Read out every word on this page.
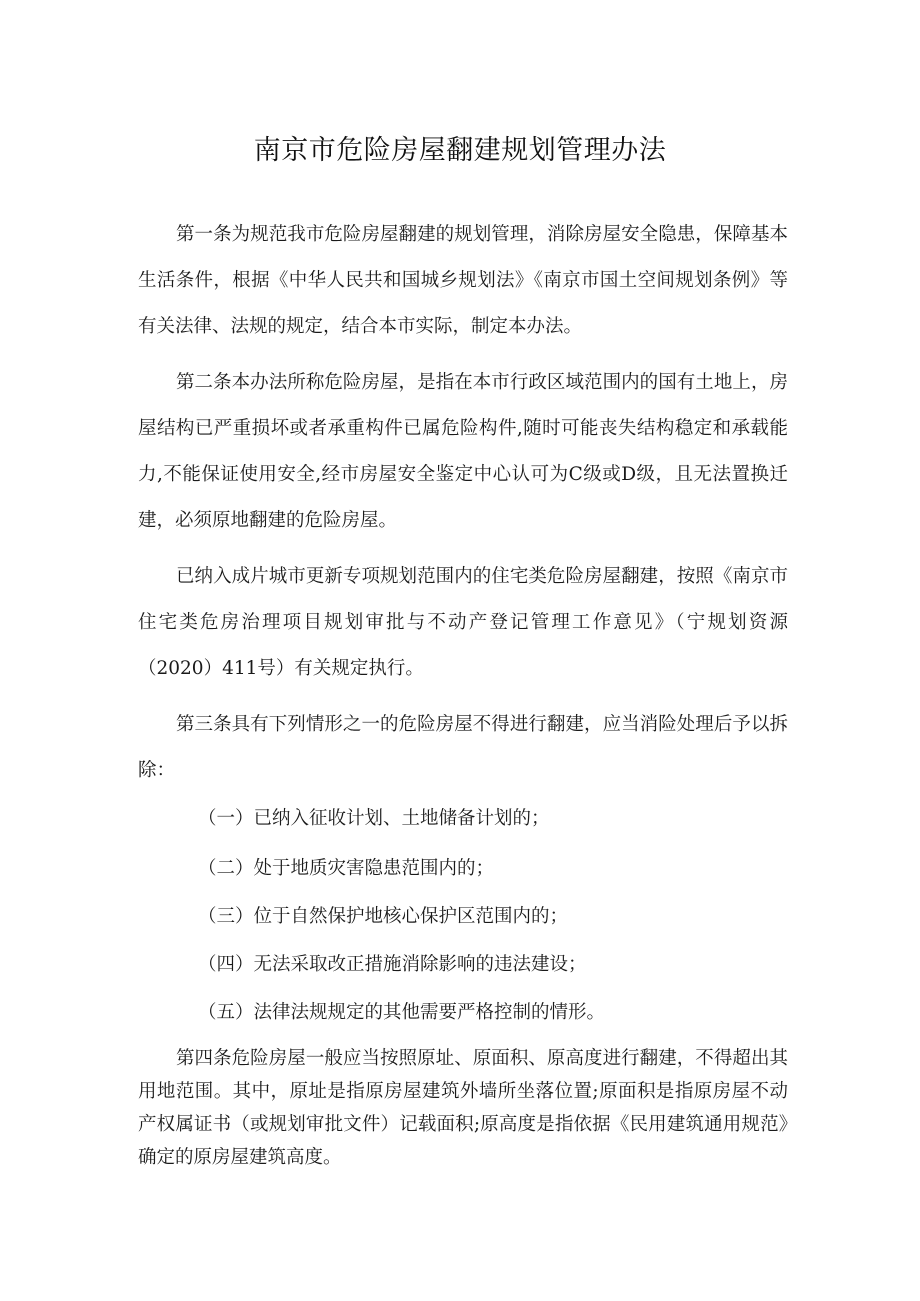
南京市危险房屋翻建规划管理办法

第一条为规范我市危险房屋翻建的规划管理，消除房屋安全隐患，保障基本生活条件，根据《中华人民共和国城乡规划法》《南京市国土空间规划条例》等有关法律、法规的规定，结合本市实际，制定本办法。

第二条本办法所称危险房屋，是指在本市行政区域范围内的国有土地上，房屋结构已严重损坏或者承重构件已属危险构件,随时可能丧失结构稳定和承载能力,不能保证使用安全,经市房屋安全鉴定中心认可为C级或D级，且无法置换迁建，必须原地翻建的危险房屋。

已纳入成片城市更新专项规划范围内的住宅类危险房屋翻建，按照《南京市住宅类危房治理项目规划审批与不动产登记管理工作意见》（宁规划资源（2020）411号）有关规定执行。

第三条具有下列情形之一的危险房屋不得进行翻建，应当消险处理后予以拆除：

（一）已纳入征收计划、土地储备计划的；

（二）处于地质灾害隐患范围内的；

（三）位于自然保护地核心保护区范围内的；

（四）无法采取改正措施消除影响的违法建设；

（五）法律法规规定的其他需要严格控制的情形。

第四条危险房屋一般应当按照原址、原面积、原高度进行翻建，不得超出其用地范围。其中，原址是指原房屋建筑外墙所坐落位置;原面积是指原房屋不动产权属证书（或规划审批文件）记载面积;原高度是指依据《民用建筑通用规范》确定的原房屋建筑高度。
